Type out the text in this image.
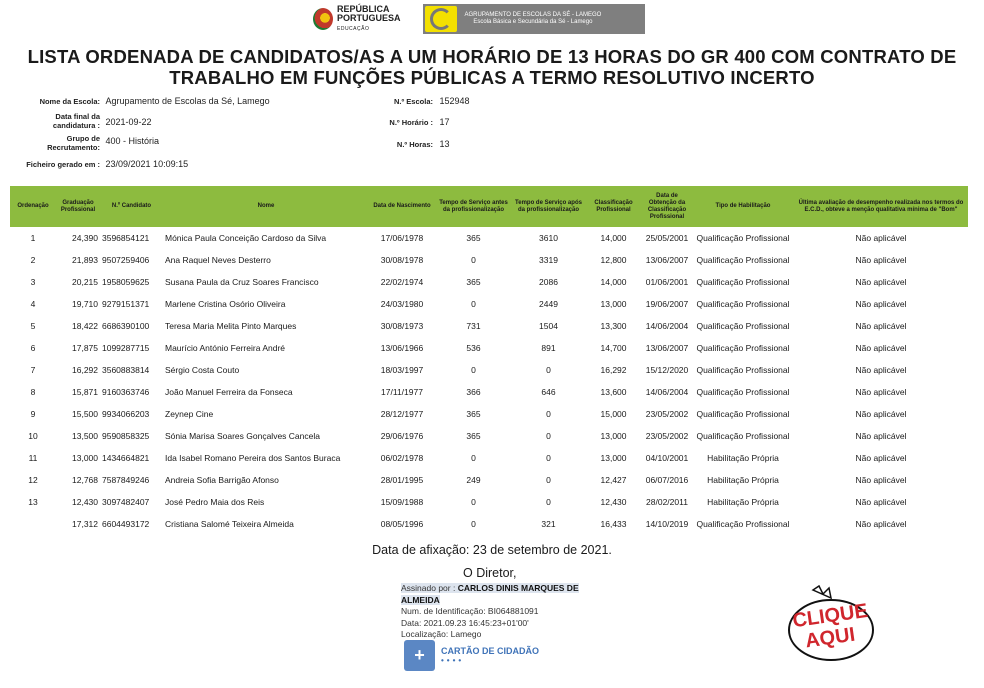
REPÚBLICA
PORTUGUESA
EDUCAÇÃO
AGRUPAMENTO DE ESCOLAS DA SÉ - LAMEGO
Escola Básica e Secundária da Sé - Lamego
LISTA ORDENADA DE CANDIDATOS/AS A UM HORÁRIO DE 13 HORAS DO GR 400 COM CONTRATO DE TRABALHO EM FUNÇÕES PÚBLICAS A TERMO RESOLUTIVO INCERTO
Nome da Escola: Agrupamento de Escolas da Sé, Lamego
Data final da candidatura : 2021-09-22
Grupo de Recrutamento: 400 - História
Ficheiro gerado em : 23/09/2021 10:09:15
N.º Escola: 152948
N.º Horário : 17
N.º Horas: 13
Ordenação	Graduação Profissional	N.º Candidato	Nome	Data de Nascimento	Tempo de Serviço antes da profissionalização	Tempo de Serviço após da profissionalização	Classificação Profissional	Data de Obtenção da Classificação Profissional	Tipo de Habilitação	Última avaliação de desempenho realizada nos termos do E.C.D., obteve a menção qualitativa mínima de "Bom"
1	24,390	3596854121	Mónica Paula Conceição Cardoso da Silva	17/06/1978	365	3610	14,000	25/05/2001	Qualificação Profissional	Não aplicável
2	21,893	9507259406	Ana Raquel Neves Desterro	30/08/1978	0	3319	12,800	13/06/2007	Qualificação Profissional	Não aplicável
3	20,215	1958059625	Susana Paula da Cruz Soares Francisco	22/02/1974	365	2086	14,000	01/06/2001	Qualificação Profissional	Não aplicável
4	19,710	9279151371	Marlene Cristina Osório Oliveira	24/03/1980	0	2449	13,000	19/06/2007	Qualificação Profissional	Não aplicável
5	18,422	6686390100	Teresa Maria Melita Pinto Marques	30/08/1973	731	1504	13,300	14/06/2004	Qualificação Profissional	Não aplicável
6	17,875	1099287715	Maurício António Ferreira André	13/06/1966	536	891	14,700	13/06/2007	Qualificação Profissional	Não aplicável
7	16,292	3560883814	Sérgio Costa Couto	18/03/1997	0	0	16,292	15/12/2020	Qualificação Profissional	Não aplicável
8	15,871	9160363746	João Manuel Ferreira da Fonseca	17/11/1977	366	646	13,600	14/06/2004	Qualificação Profissional	Não aplicável
9	15,500	9934066203	Zeynep Cine	28/12/1977	365	0	15,000	23/05/2002	Qualificação Profissional	Não aplicável
10	13,500	9590858325	Sónia Marisa Soares Gonçalves Cancela	29/06/1976	365	0	13,000	23/05/2002	Qualificação Profissional	Não aplicável
11	13,000	1434664821	Ida Isabel Romano Pereira dos Santos Buraca	06/02/1978	0	0	13,000	04/10/2001	Habilitação Própria	Não aplicável
12	12,768	7587849246	Andreia Sofia Barrigão Afonso	28/01/1995	249	0	12,427	06/07/2016	Habilitação Própria	Não aplicável
13	12,430	3097482407	José Pedro Maia dos Reis	15/09/1988	0	0	12,430	28/02/2011	Habilitação Própria	Não aplicável
	17,312	6604493172	Cristiana Salomé Teixeira Almeida	08/05/1996	0	321	16,433	14/10/2019	Qualificação Profissional	Não aplicável
Data de afixação: 23 de setembro de 2021.
O Diretor,
Assinado por : CARLOS DINIS MARQUES DE ALMEIDA
Num. de Identificação: BI064881091
Data: 2021.09.23 16:45:23+01'00'
Localização: Lamego
+	CARTÃO DE CIDADÃO
••••
CLIQUE
AQUI
